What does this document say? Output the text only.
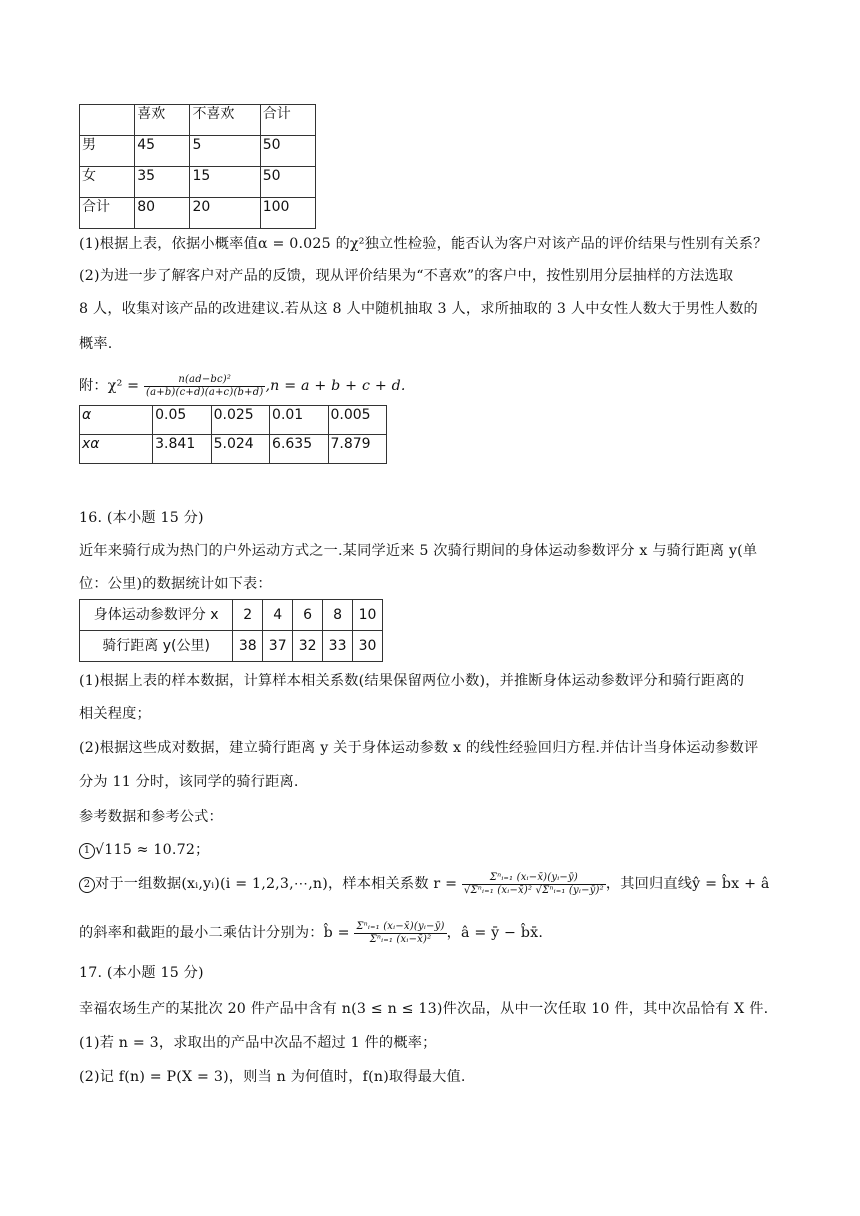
	喜欢	不喜欢	合计
男	45	5	50
女	35	15	50
合计	80	20	100
(1)根据上表，依据小概率值α = 0.025 的χ²独立性检验，能否认为客户对该产品的评价结果与性别有关系？
(2)为进一步了解客户对产品的反馈，现从评价结果为“不喜欢”的客户中，按性别用分层抽样的方法选取
8 人，收集对该产品的改进建议.若从这 8 人中随机抽取 3 人，求所抽取的 3 人中女性人数大于男性人数的
概率.
附：$\chi^2 = \frac{\text{n(ad−bc)²}}{(a+b)(c+d)(a+c)(b+d)} ,n = a + b + c + d$.
α	0.05	0.025	0.01	0.005
xα	3.841	5.024	6.635	7.879
16. (本小题 15 分)
近年来骑行成为热门的户外运动方式之一.某同学近来 5 次骑行期间的身体运动参数评分 x 与骑行距离 y(单
位：公里)的数据统计如下表：
身体运动参数评分 x	2	4	6	8	10
骑行距离 y(公里)	38	37	32	33	30
(1)根据上表的样本数据，计算样本相关系数(结果保留两位小数)，并推断身体运动参数评分和骑行距离的
相关程度；
(2)根据这些成对数据，建立骑行距离 y 关于身体运动参数 x 的线性经验回归方程.并估计当身体运动参数评
分为 11 分时，该同学的骑行距离.
参考数据和参考公式：
1 √115 ≈ 10.72；
2 对于一组数据(xᵢ,yᵢ)(i = 1,2,3,⋯,n)，样本相关系数 $r = \frac{\text{Σⁿᵢ₌₁ (xᵢ−x̄)(yᵢ−ȳ)}}{\text{√Σⁿᵢ₌₁ (xᵢ−x̄)² √Σⁿᵢ₌₁ (yᵢ−ȳ)²}}$ ，其回归直线ŷ = b̂x + â
的斜率和截距的最小二乘估计分别为：b̂ = $\frac{\text{Σⁿᵢ₌₁ (xᵢ−x̄)(yᵢ−ȳ)}}{\text{Σⁿᵢ₌₁ (xᵢ−x̄)²}}$ ，â = ȳ − b̂x̄.
17. (本小题 15 分)
幸福农场生产的某批次 20 件产品中含有 n(3 ≤ n ≤ 13)件次品，从中一次任取 10 件，其中次品恰有 X 件.
(1)若 n = 3，求取出的产品中次品不超过 1 件的概率；
(2)记 f(n) = P(X = 3)，则当 n 为何值时，f(n)取得最大值.
